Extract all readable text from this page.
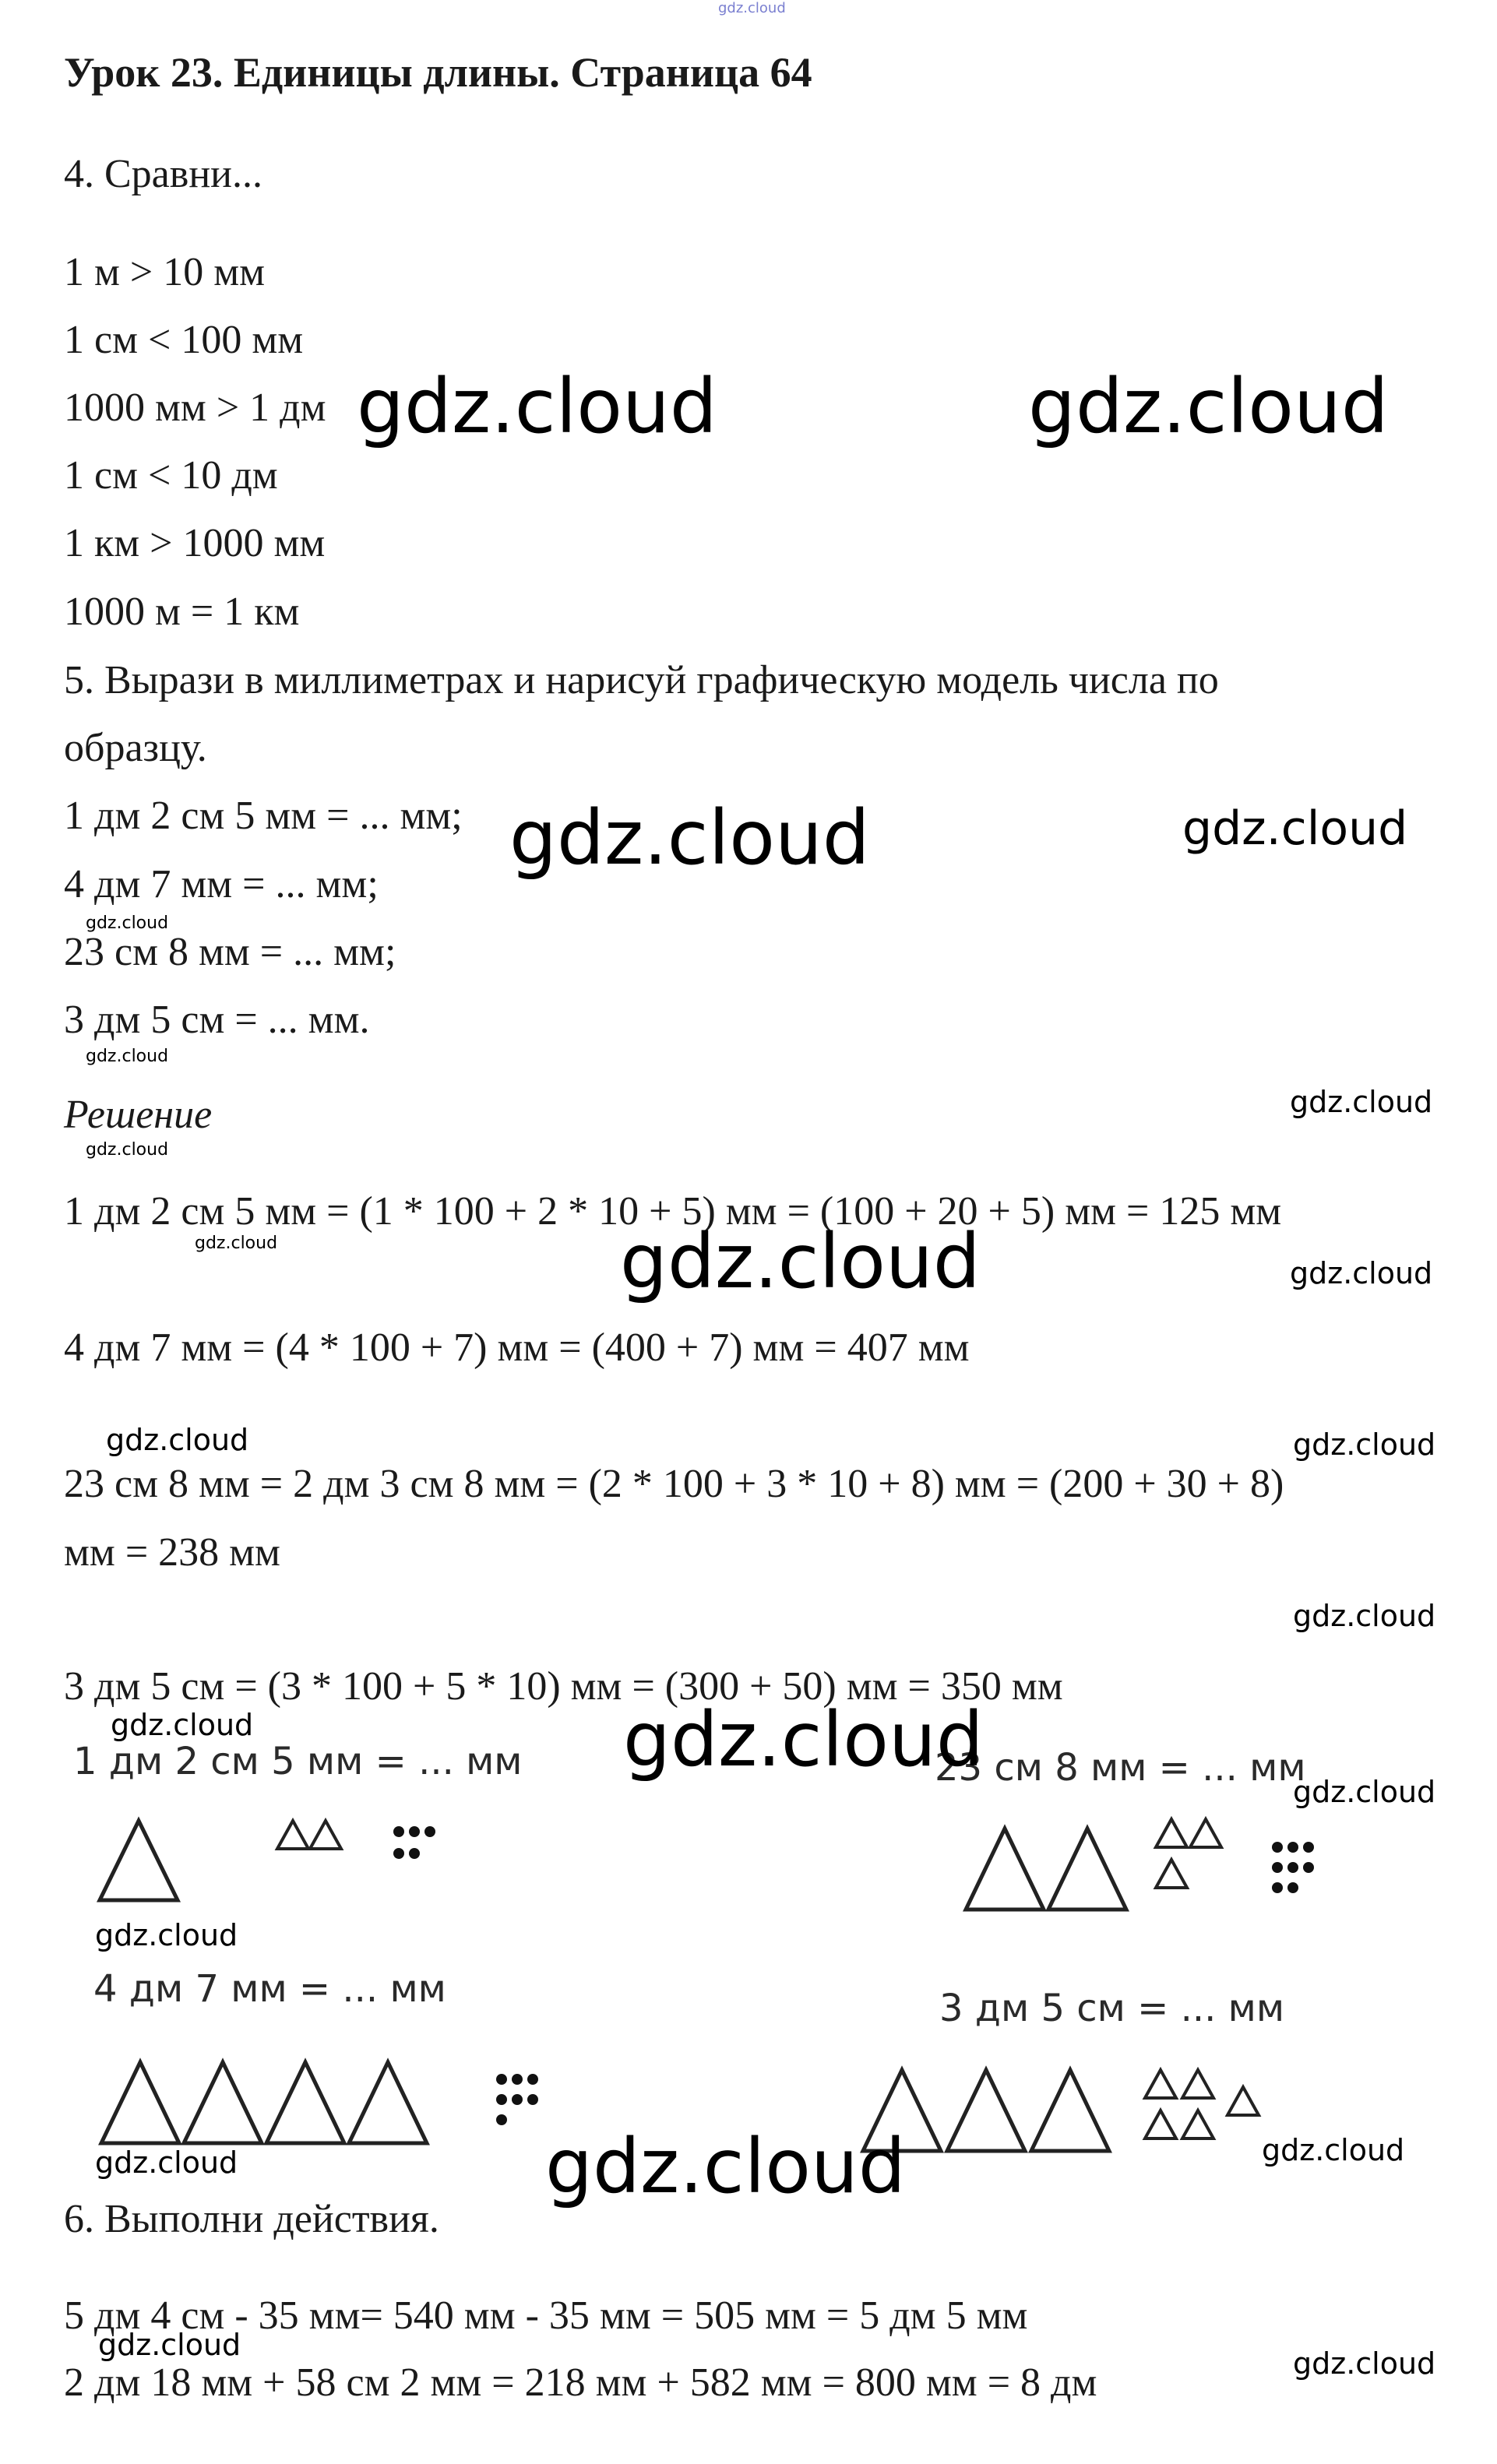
gdz.cloud
Урок 23. Единицы длины. Страница 64
4. Сравни...
1 м > 10 мм
1 см < 100 мм
1000 мм > 1 дм
1 см < 10 дм
1 км > 1000 мм
1000 м = 1 км
5. Вырази в миллиметрах и нарисуй графическую модель числа по
образцу.
1 дм 2 см 5 мм = ... мм;
4 дм 7 мм = ... мм;
23 см 8 мм = ... мм;
3 дм 5 см = ... мм.
Решение
1 дм 2 см 5 мм = (1 * 100 + 2 * 10 + 5) мм = (100 + 20 + 5) мм = 125 мм
4 дм 7 мм = (4 * 100 + 7) мм = (400 + 7) мм = 407 мм
23 см 8 мм = 2 дм 3 см 8 мм = (2 * 100 + 3 * 10 + 8) мм = (200 + 30 + 8)
мм = 238 мм
3 дм 5 см = (3 * 100 + 5 * 10) мм = (300 + 50) мм = 350 мм
1 дм 2 см 5 мм = ... мм	23 см 8 мм = ... мм
4 дм 7 мм = ... мм	3 дм 5 см = ... мм
6. Выполни действия.
5 дм 4 см - 35 мм= 540 мм - 35 мм = 505 мм = 5 дм 5 мм
2 дм 18 мм + 58 см 2 мм = 218 мм + 582 мм = 800 мм = 8 дм
gdz.cloud	gdz.cloud
gdz.cloud	gdz.cloud
gdz.cloud
gdz.cloud
gdz.cloud
gdz.cloud
gdz.cloud	gdz.cloud	gdz.cloud
gdz.cloud	gdz.cloud
gdz.cloud
gdz.cloud	gdz.cloud
gdz.cloud
gdz.cloud
gdz.cloud	gdz.cloud	gdz.cloud
gdz.cloud
gdz.cloud
